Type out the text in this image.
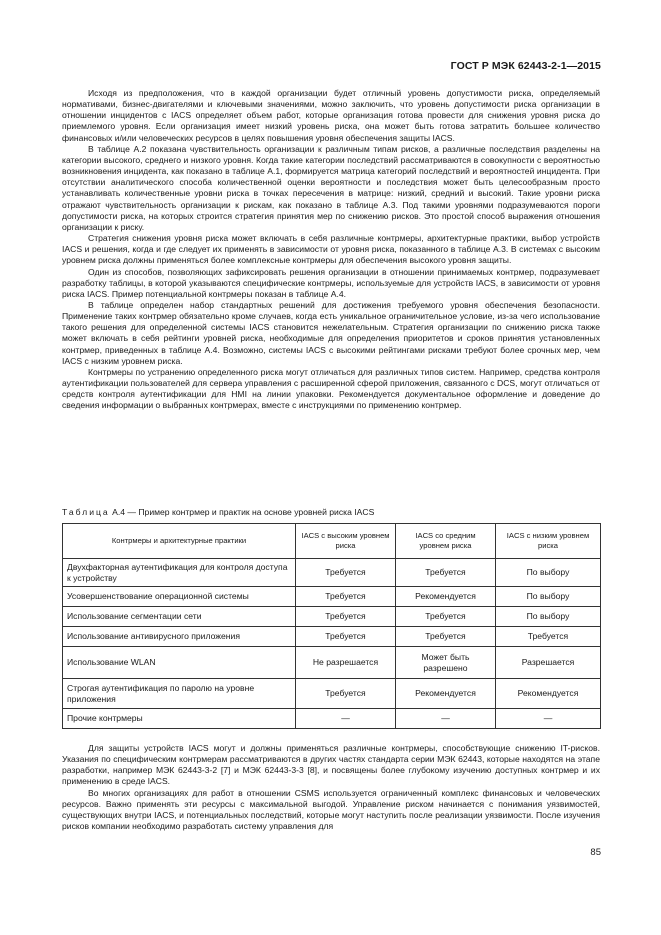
ГОСТ Р МЭК 62443-2-1—2015

Исходя из предположения, что в каждой организации будет отличный уровень допустимости риска, определяемый нормативами, бизнес-двигателями и ключевыми значениями, можно заключить, что уровень допустимости риска организации в отношении инцидентов с IACS определяет объем работ, которые организация готова провести для снижения уровня риска до приемлемого уровня. Если организация имеет низкий уровень риска, она может быть готова затратить большее количество финансовых и/или человеческих ресурсов в целях повышения уровня обеспечения защиты IACS.

В таблице А.2 показана чувствительность организации к различным типам рисков, а различные последствия разделены на категории высокого, среднего и низкого уровня. Когда такие категории последствий рассматриваются в совокупности с вероятностью возникновения инцидента, как показано в таблице А.1, формируется матрица категорий последствий и вероятностей инцидента. При отсутствии аналитического способа количественной оценки вероятности и последствия может быть целесообразным просто устанавливать количественные уровни риска в точках пересечения в матрице: низкий, средний и высокий. Такие уровни риска отражают чувствительность организации к рискам, как показано в таблице А.3. Под такими уровнями подразумеваются пороги допустимости риска, на которых строится стратегия принятия мер по снижению рисков. Это простой способ выражения отношения организации к риску.

Стратегия снижения уровня риска может включать в себя различные контрмеры, архитектурные практики, выбор устройств IACS и решения, когда и где следует их применять в зависимости от уровня риска, показанного в таблице А.3. В системах с высоким уровнем риска должны применяться более комплексные контрмеры для обеспечения высокого уровня защиты.

Один из способов, позволяющих зафиксировать решения организации в отношении принимаемых контрмер, подразумевает разработку таблицы, в которой указываются специфические контрмеры, используемые для устройств IACS, в зависимости от уровня риска IACS. Пример потенциальной контрмеры показан в таблице А.4.

В таблице определен набор стандартных решений для достижения требуемого уровня обеспечения безопасности. Применение таких контрмер обязательно кроме случаев, когда есть уникальное ограничительное условие, из-за чего использование такого решения для определенной системы IACS становится нежелательным. Стратегия организации по снижению риска также может включать в себя рейтинги уровней риска, необходимые для определения приоритетов и сроков принятия установленных контрмер, приведенных в таблице А.4. Возможно, системы IACS с высокими рейтингами рисками требуют более срочных мер, чем IACS с низким уровнем риска.

Контрмеры по устранению определенного риска могут отличаться для различных типов систем. Например, средства контроля аутентификации пользователей для сервера управления с расширенной сферой приложения, связанного с DCS, могут отличаться от средств контроля аутентификации для HMI на линии упаковки. Рекомендуется документальное оформление и доведение до сведения информации о выбранных контрмерах, вместе с инструкциями по применению контрмер.

Таблица А.4 — Пример контрмер и практик на основе уровней риска IACS
Контрмеры и архитектурные практики	IACS с высоким уровнем риска	IACS со средним уровнем риска	IACS с низким уровнем риска
Двухфакторная аутентификация для контроля доступа к устройству	Требуется	Требуется	По выбору
Усовершенствование операционной системы	Требуется	Рекомендуется	По выбору
Использование сегментации сети	Требуется	Требуется	По выбору
Использование антивирусного приложения	Требуется	Требуется	Требуется
Использование WLAN	Не разрешается	Может быть разрешено	Разрешается
Строгая аутентификация по паролю на уровне приложения	Требуется	Рекомендуется	Рекомендуется
Прочие контрмеры	—	—	—

Для защиты устройств IACS могут и должны применяться различные контрмеры, способствующие снижению IT-рисков. Указания по специфическим контрмерам рассматриваются в других частях стандарта серии МЭК 62443, которые находятся на этапе разработки, например МЭК 62443-3-2 [7] и МЭК 62443-3-3 [8], и посвящены более глубокому изучению доступных контрмер и их применению в среде IACS.

Во многих организациях для работ в отношении CSMS используется ограниченный комплекс финансовых и человеческих ресурсов. Важно применять эти ресурсы с максимальной выгодой. Управление риском начинается с понимания уязвимостей, существующих внутри IACS, и потенциальных последствий, которые могут наступить после реализации уязвимости. После изучения рисков компании необходимо разработать систему управления для

85
